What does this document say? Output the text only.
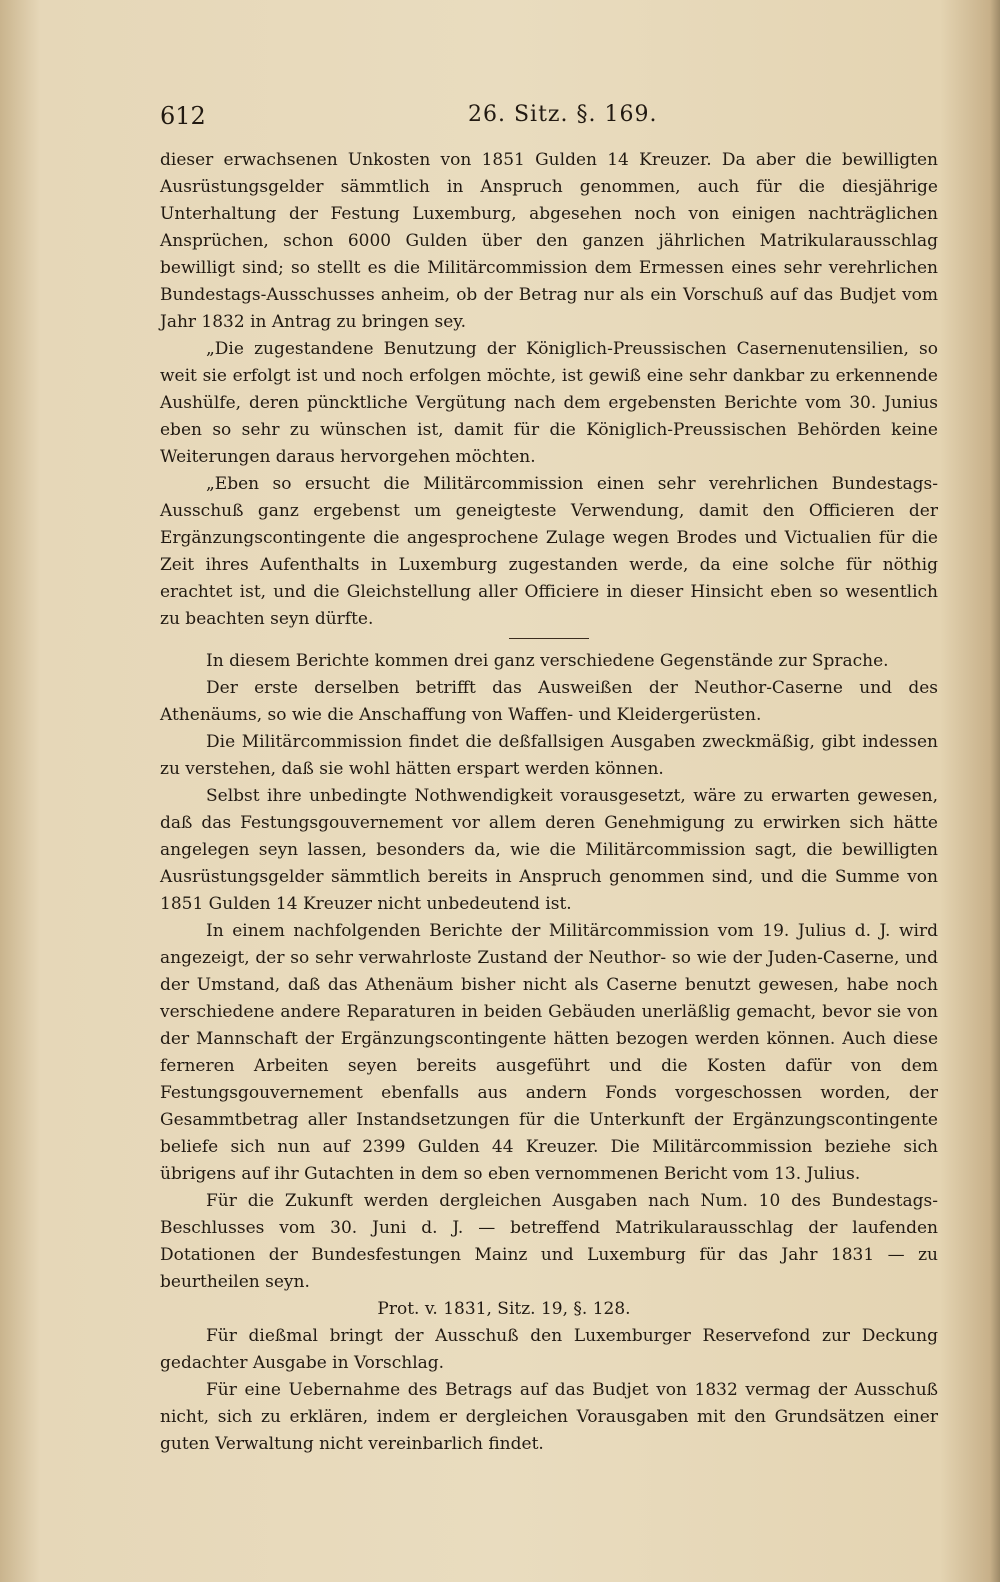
612	26. Sitz. §. 169.

dieser erwachsenen Unkosten von 1851 Gulden 14 Kreuzer. Da aber die bewilligten Ausrüstungsgelder sämmtlich in Anspruch genommen, auch für die diesjährige Unterhaltung der Festung Luxemburg, abgesehen noch von einigen nachträglichen Ansprüchen, schon 6000 Gulden über den ganzen jährlichen Matrikularausschlag bewilligt sind; so stellt es die Militärcommission dem Ermessen eines sehr verehrlichen Bundestags-Ausschusses anheim, ob der Betrag nur als ein Vorschuß auf das Budjet vom Jahr 1832 in Antrag zu bringen sey.

„Die zugestandene Benutzung der Königlich-Preussischen Casernenutensilien, so weit sie erfolgt ist und noch erfolgen möchte, ist gewiß eine sehr dankbar zu erkennende Aushülfe, deren püncktliche Vergütung nach dem ergebensten Berichte vom 30. Junius eben so sehr zu wünschen ist, damit für die Königlich-Preussischen Behörden keine Weiterungen daraus hervorgehen möchten.

„Eben so ersucht die Militärcommission einen sehr verehrlichen Bundestags-Ausschuß ganz ergebenst um geneigteste Verwendung, damit den Officieren der Ergänzungscontingente die angesprochene Zulage wegen Brodes und Victualien für die Zeit ihres Aufenthalts in Luxemburg zugestanden werde, da eine solche für nöthig erachtet ist, und die Gleichstellung aller Officiere in dieser Hinsicht eben so wesentlich zu beachten seyn dürfte.

In diesem Berichte kommen drei ganz verschiedene Gegenstände zur Sprache.

Der erste derselben betrifft das Ausweißen der Neuthor-Caserne und des Athenäums, so wie die Anschaffung von Waffen- und Kleidergerüsten.

Die Militärcommission findet die deßfallsigen Ausgaben zweckmäßig, gibt indessen zu verstehen, daß sie wohl hätten erspart werden können.

Selbst ihre unbedingte Nothwendigkeit vorausgesetzt, wäre zu erwarten gewesen, daß das Festungsgouvernement vor allem deren Genehmigung zu erwirken sich hätte angelegen seyn lassen, besonders da, wie die Militärcommission sagt, die bewilligten Ausrüstungsgelder sämmtlich bereits in Anspruch genommen sind, und die Summe von 1851 Gulden 14 Kreuzer nicht unbedeutend ist.

In einem nachfolgenden Berichte der Militärcommission vom 19. Julius d. J. wird angezeigt, der so sehr verwahrloste Zustand der Neuthor- so wie der Juden-Caserne, und der Umstand, daß das Athenäum bisher nicht als Caserne benutzt gewesen, habe noch verschiedene andere Reparaturen in beiden Gebäuden unerläßlig gemacht, bevor sie von der Mannschaft der Ergänzungscontingente hätten bezogen werden können. Auch diese ferneren Arbeiten seyen bereits ausgeführt und die Kosten dafür von dem Festungsgouvernement ebenfalls aus andern Fonds vorgeschossen worden, der Gesammtbetrag aller Instandsetzungen für die Unterkunft der Ergänzungscontingente beliefe sich nun auf 2399 Gulden 44 Kreuzer. Die Militärcommission beziehe sich übrigens auf ihr Gutachten in dem so eben vernommenen Bericht vom 13. Julius.

Für die Zukunft werden dergleichen Ausgaben nach Num. 10 des Bundestags-Beschlusses vom 30. Juni d. J. — betreffend Matrikularausschlag der laufenden Dotationen der Bundesfestungen Mainz und Luxemburg für das Jahr 1831 — zu beurtheilen seyn.

Prot. v. 1831, Sitz. 19, §. 128.

Für dießmal bringt der Ausschuß den Luxemburger Reservefond zur Deckung gedachter Ausgabe in Vorschlag.

Für eine Uebernahme des Betrags auf das Budjet von 1832 vermag der Ausschuß nicht, sich zu erklären, indem er dergleichen Vorausgaben mit den Grundsätzen einer guten Verwaltung nicht vereinbarlich findet.
